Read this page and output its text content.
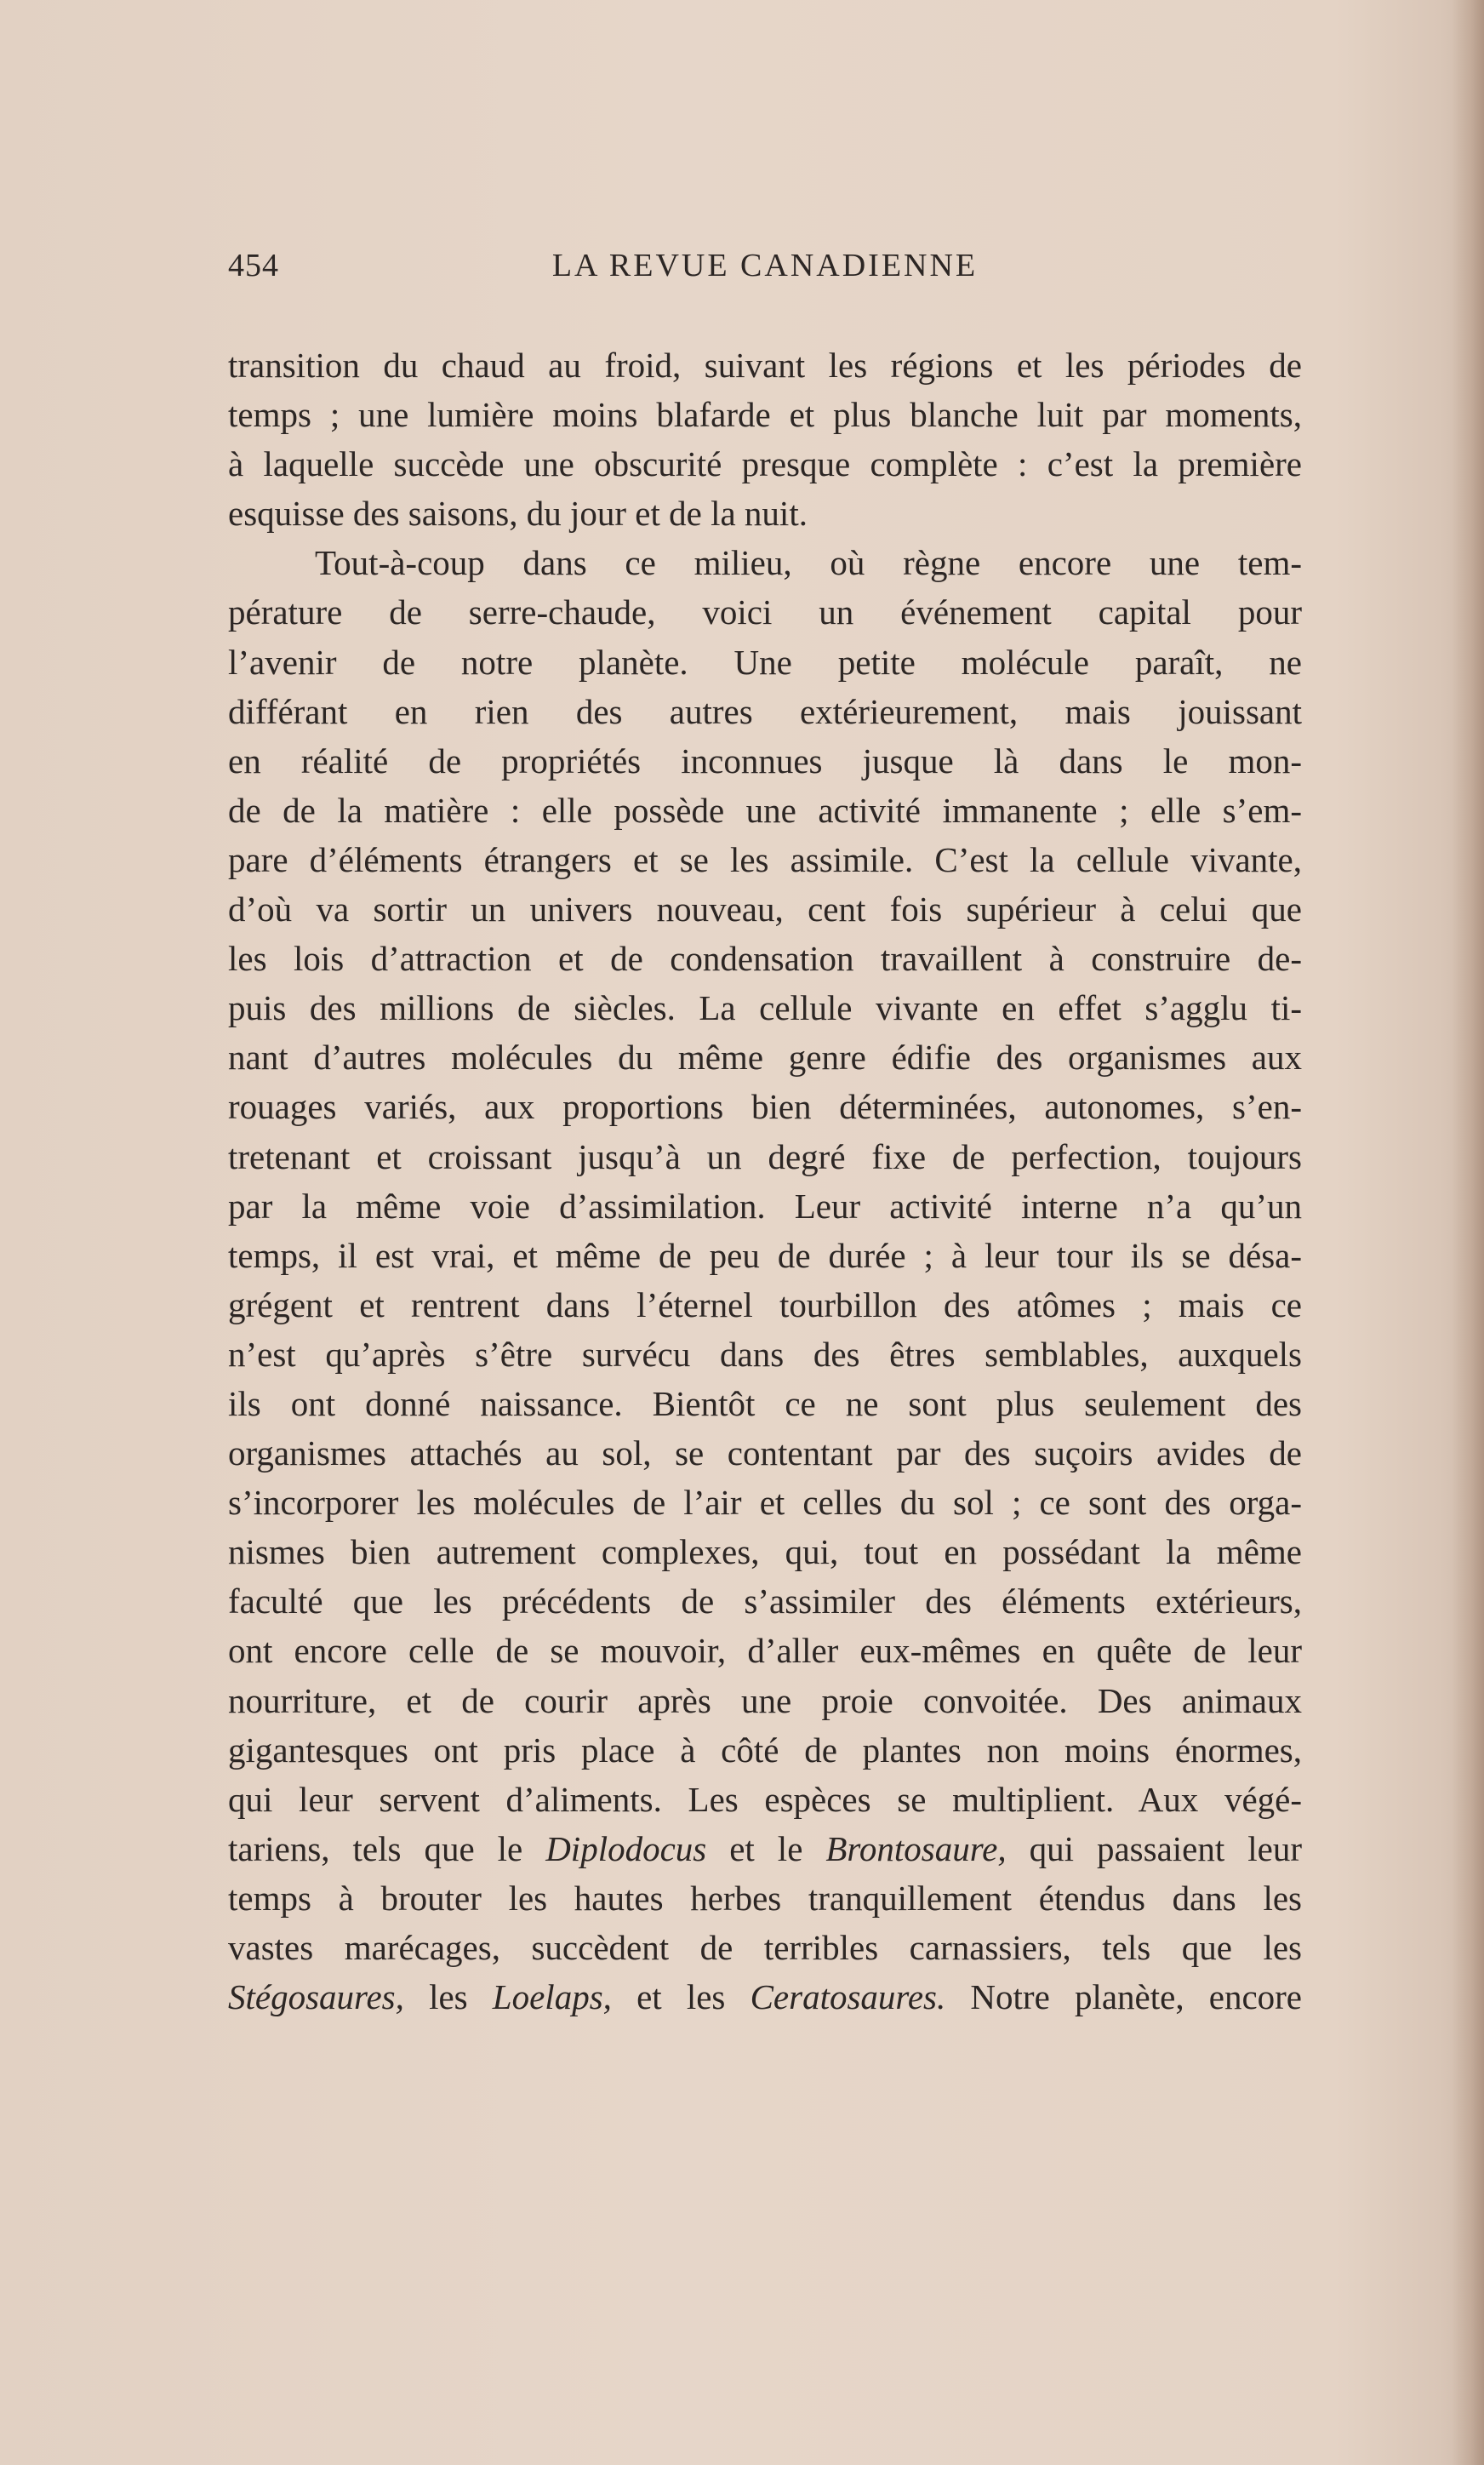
454	LA REVUE CANADIENNE
transition du chaud au froid, suivant les régions et les périodes de
temps ; une lumière moins blafarde et plus blanche luit par moments,
à laquelle succède une obscurité presque complète : c’est la première
esquisse des saisons, du jour et de la nuit.
Tout-à-coup dans ce milieu, où règne encore une tem-
pérature de serre-chaude, voici un événement capital pour
l’avenir de notre planète. Une petite molécule paraît, ne
différant en rien des autres extérieurement, mais jouissant
en réalité de propriétés inconnues jusque là dans le mon-
de de la matière : elle possède une activité immanente ; elle s’em-
pare d’éléments étrangers et se les assimile. C’est la cellule vivante,
d’où va sortir un univers nouveau, cent fois supérieur à celui que
les lois d’attraction et de condensation travaillent à construire de-
puis des millions de siècles. La cellule vivante en effet s’agglu ti-
nant d’autres molécules du même genre édifie des organismes aux
rouages variés, aux proportions bien déterminées, autonomes, s’en-
tretenant et croissant jusqu’à un degré fixe de perfection, toujours
par la même voie d’assimilation. Leur activité interne n’a qu’un
temps, il est vrai, et même de peu de durée ; à leur tour ils se désa-
grégent et rentrent dans l’éternel tourbillon des atômes ; mais ce
n’est qu’après s’être survécu dans des êtres semblables, auxquels
ils ont donné naissance. Bientôt ce ne sont plus seulement des
organismes attachés au sol, se contentant par des suçoirs avides de
s’incorporer les molécules de l’air et celles du sol ; ce sont des orga-
nismes bien autrement complexes, qui, tout en possédant la même
faculté que les précédents de s’assimiler des éléments extérieurs,
ont encore celle de se mouvoir, d’aller eux-mêmes en quête de leur
nourriture, et de courir après une proie convoitée. Des animaux
gigantesques ont pris place à côté de plantes non moins énormes,
qui leur servent d’aliments. Les espèces se multiplient. Aux végé-
tariens, tels que le Diplodocus et le Brontosaure, qui passaient leur
temps à brouter les hautes herbes tranquillement étendus dans les
vastes marécages, succèdent de terribles carnassiers, tels que les
Stégosaures, les Loelaps, et les Ceratosaures. Notre planète, encore
